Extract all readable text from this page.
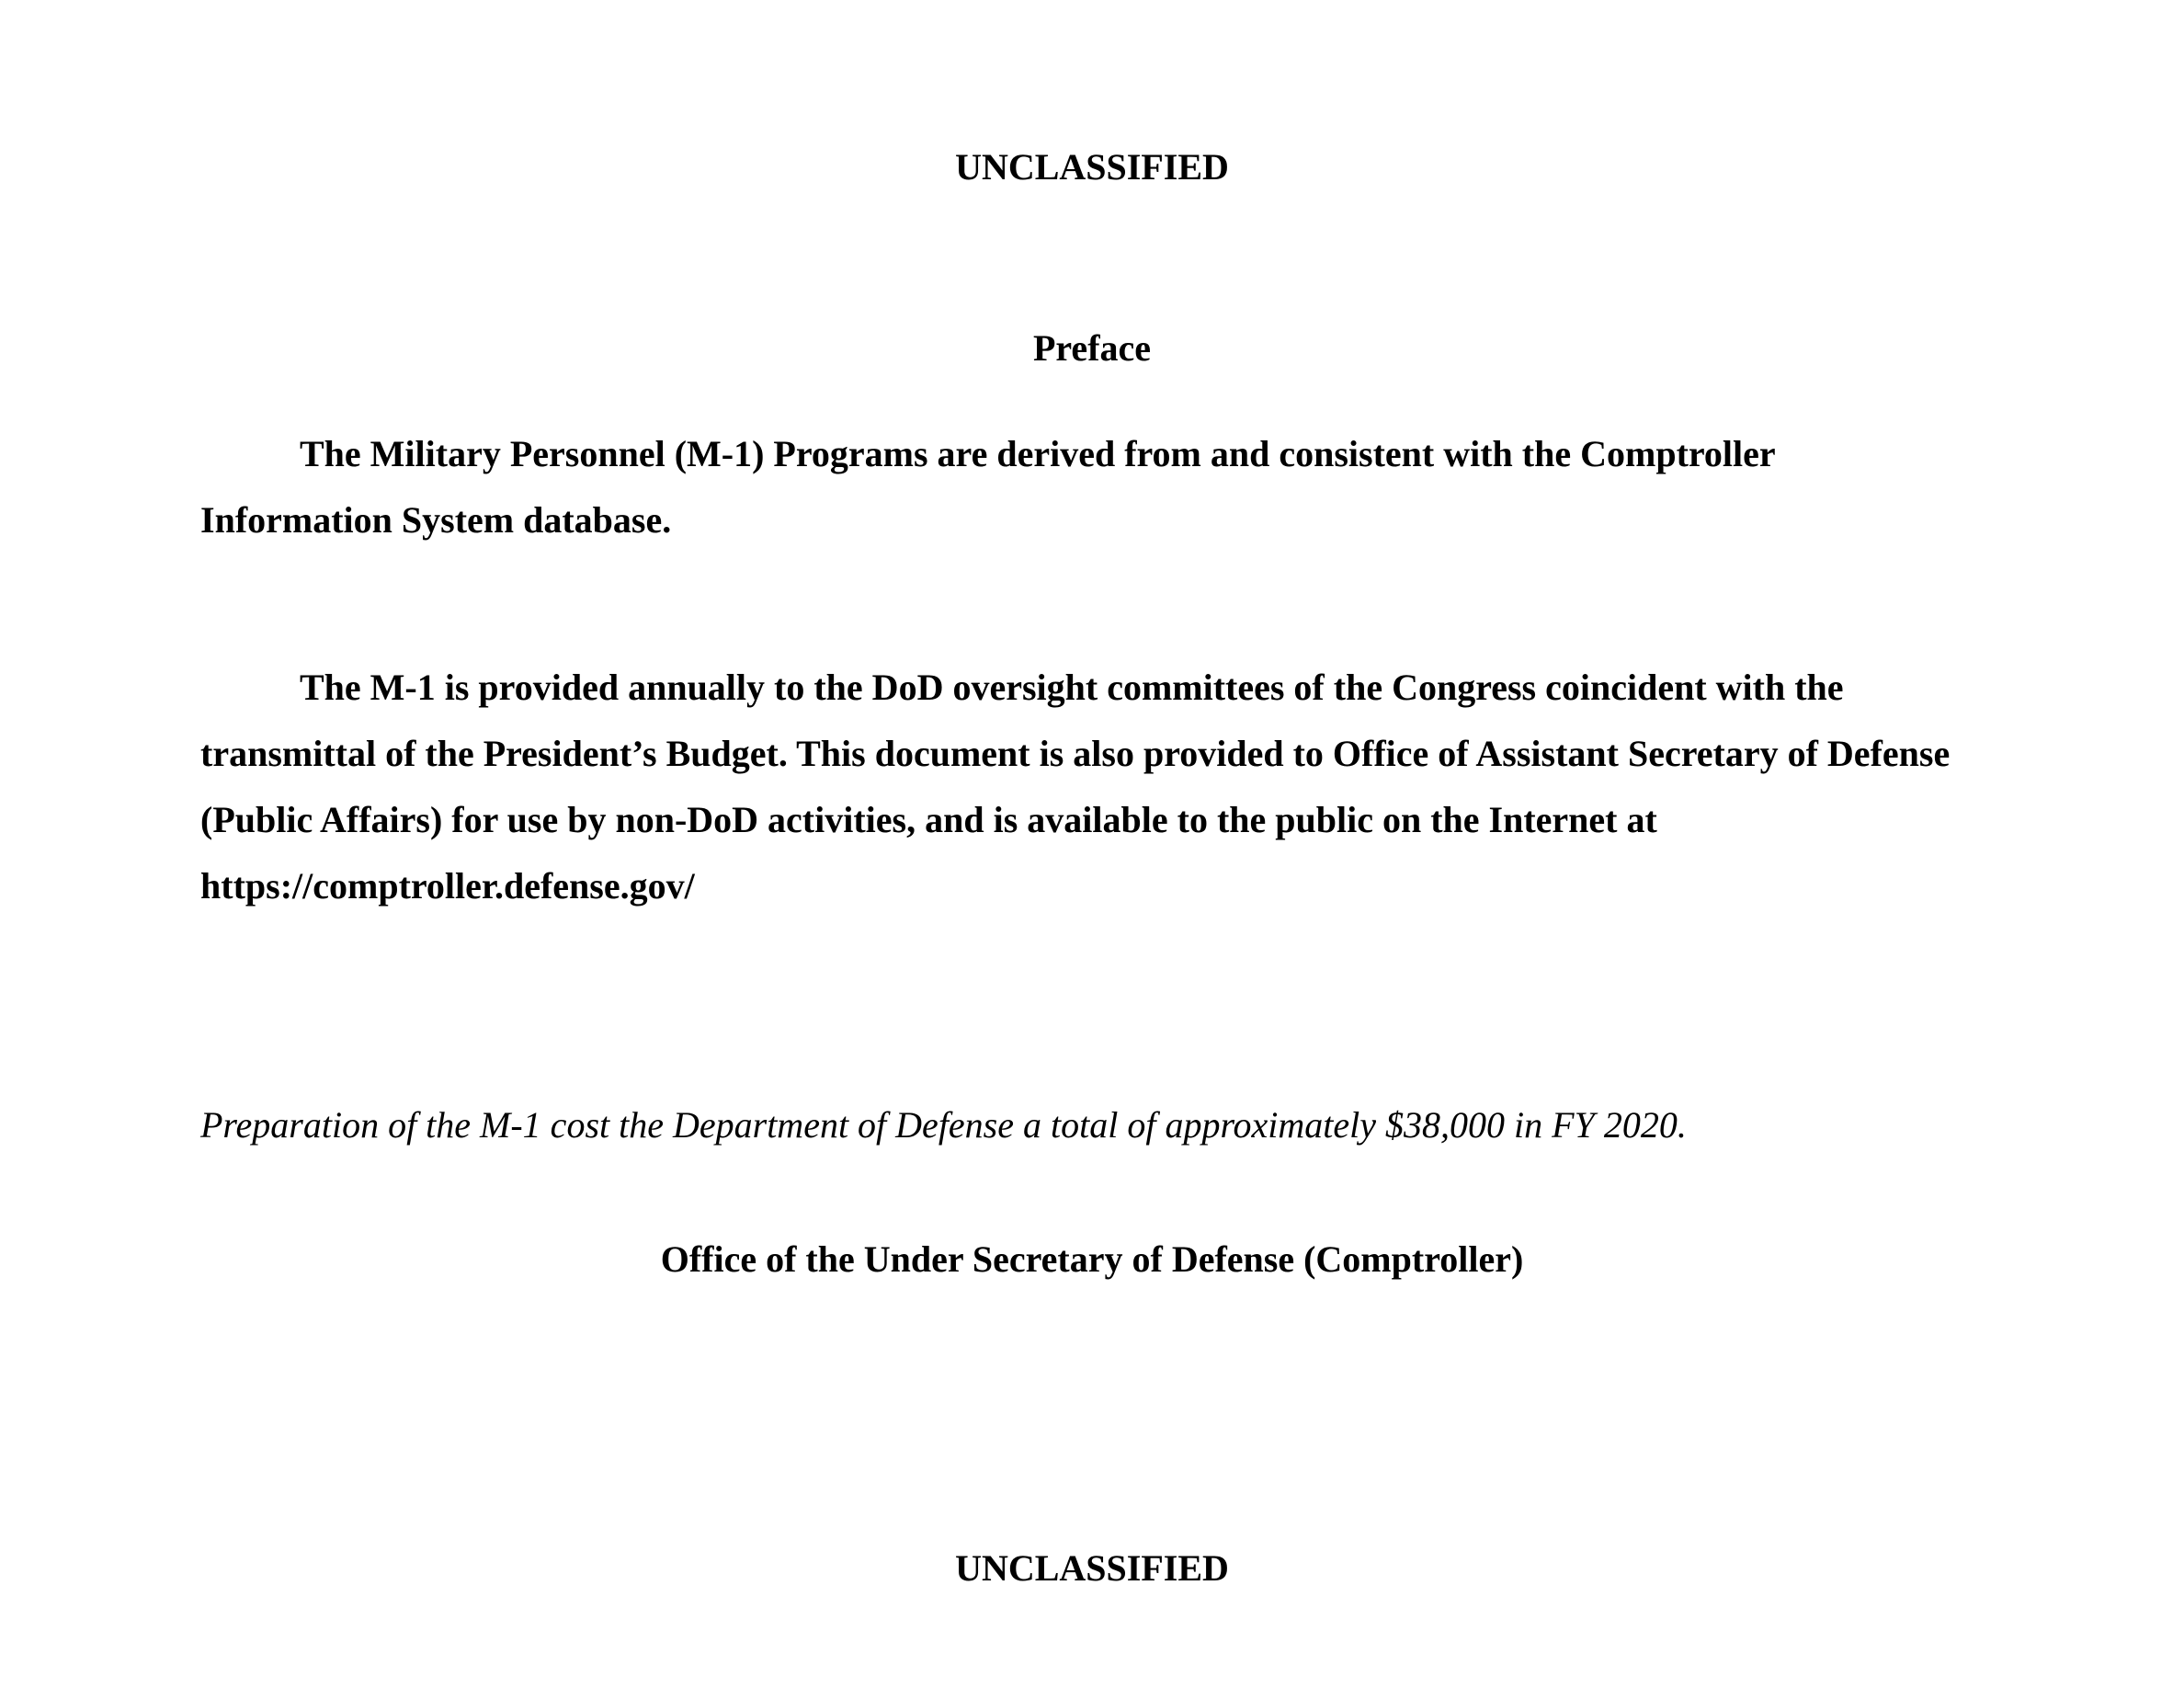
UNCLASSIFIED

Preface

The Military Personnel (M-1) Programs are derived from and consistent with the Comptroller Information System database.

The M-1 is provided annually to the DoD oversight committees of the Congress coincident with the transmittal of the President’s Budget. This document is also provided to Office of Assistant Secretary of Defense (Public Affairs) for use by non-DoD activities, and is available to the public on the Internet at https://comptroller.defense.gov/

Preparation of the M-1 cost the Department of Defense a total of approximately $38,000 in FY 2020.

Office of the Under Secretary of Defense (Comptroller)

UNCLASSIFIED
